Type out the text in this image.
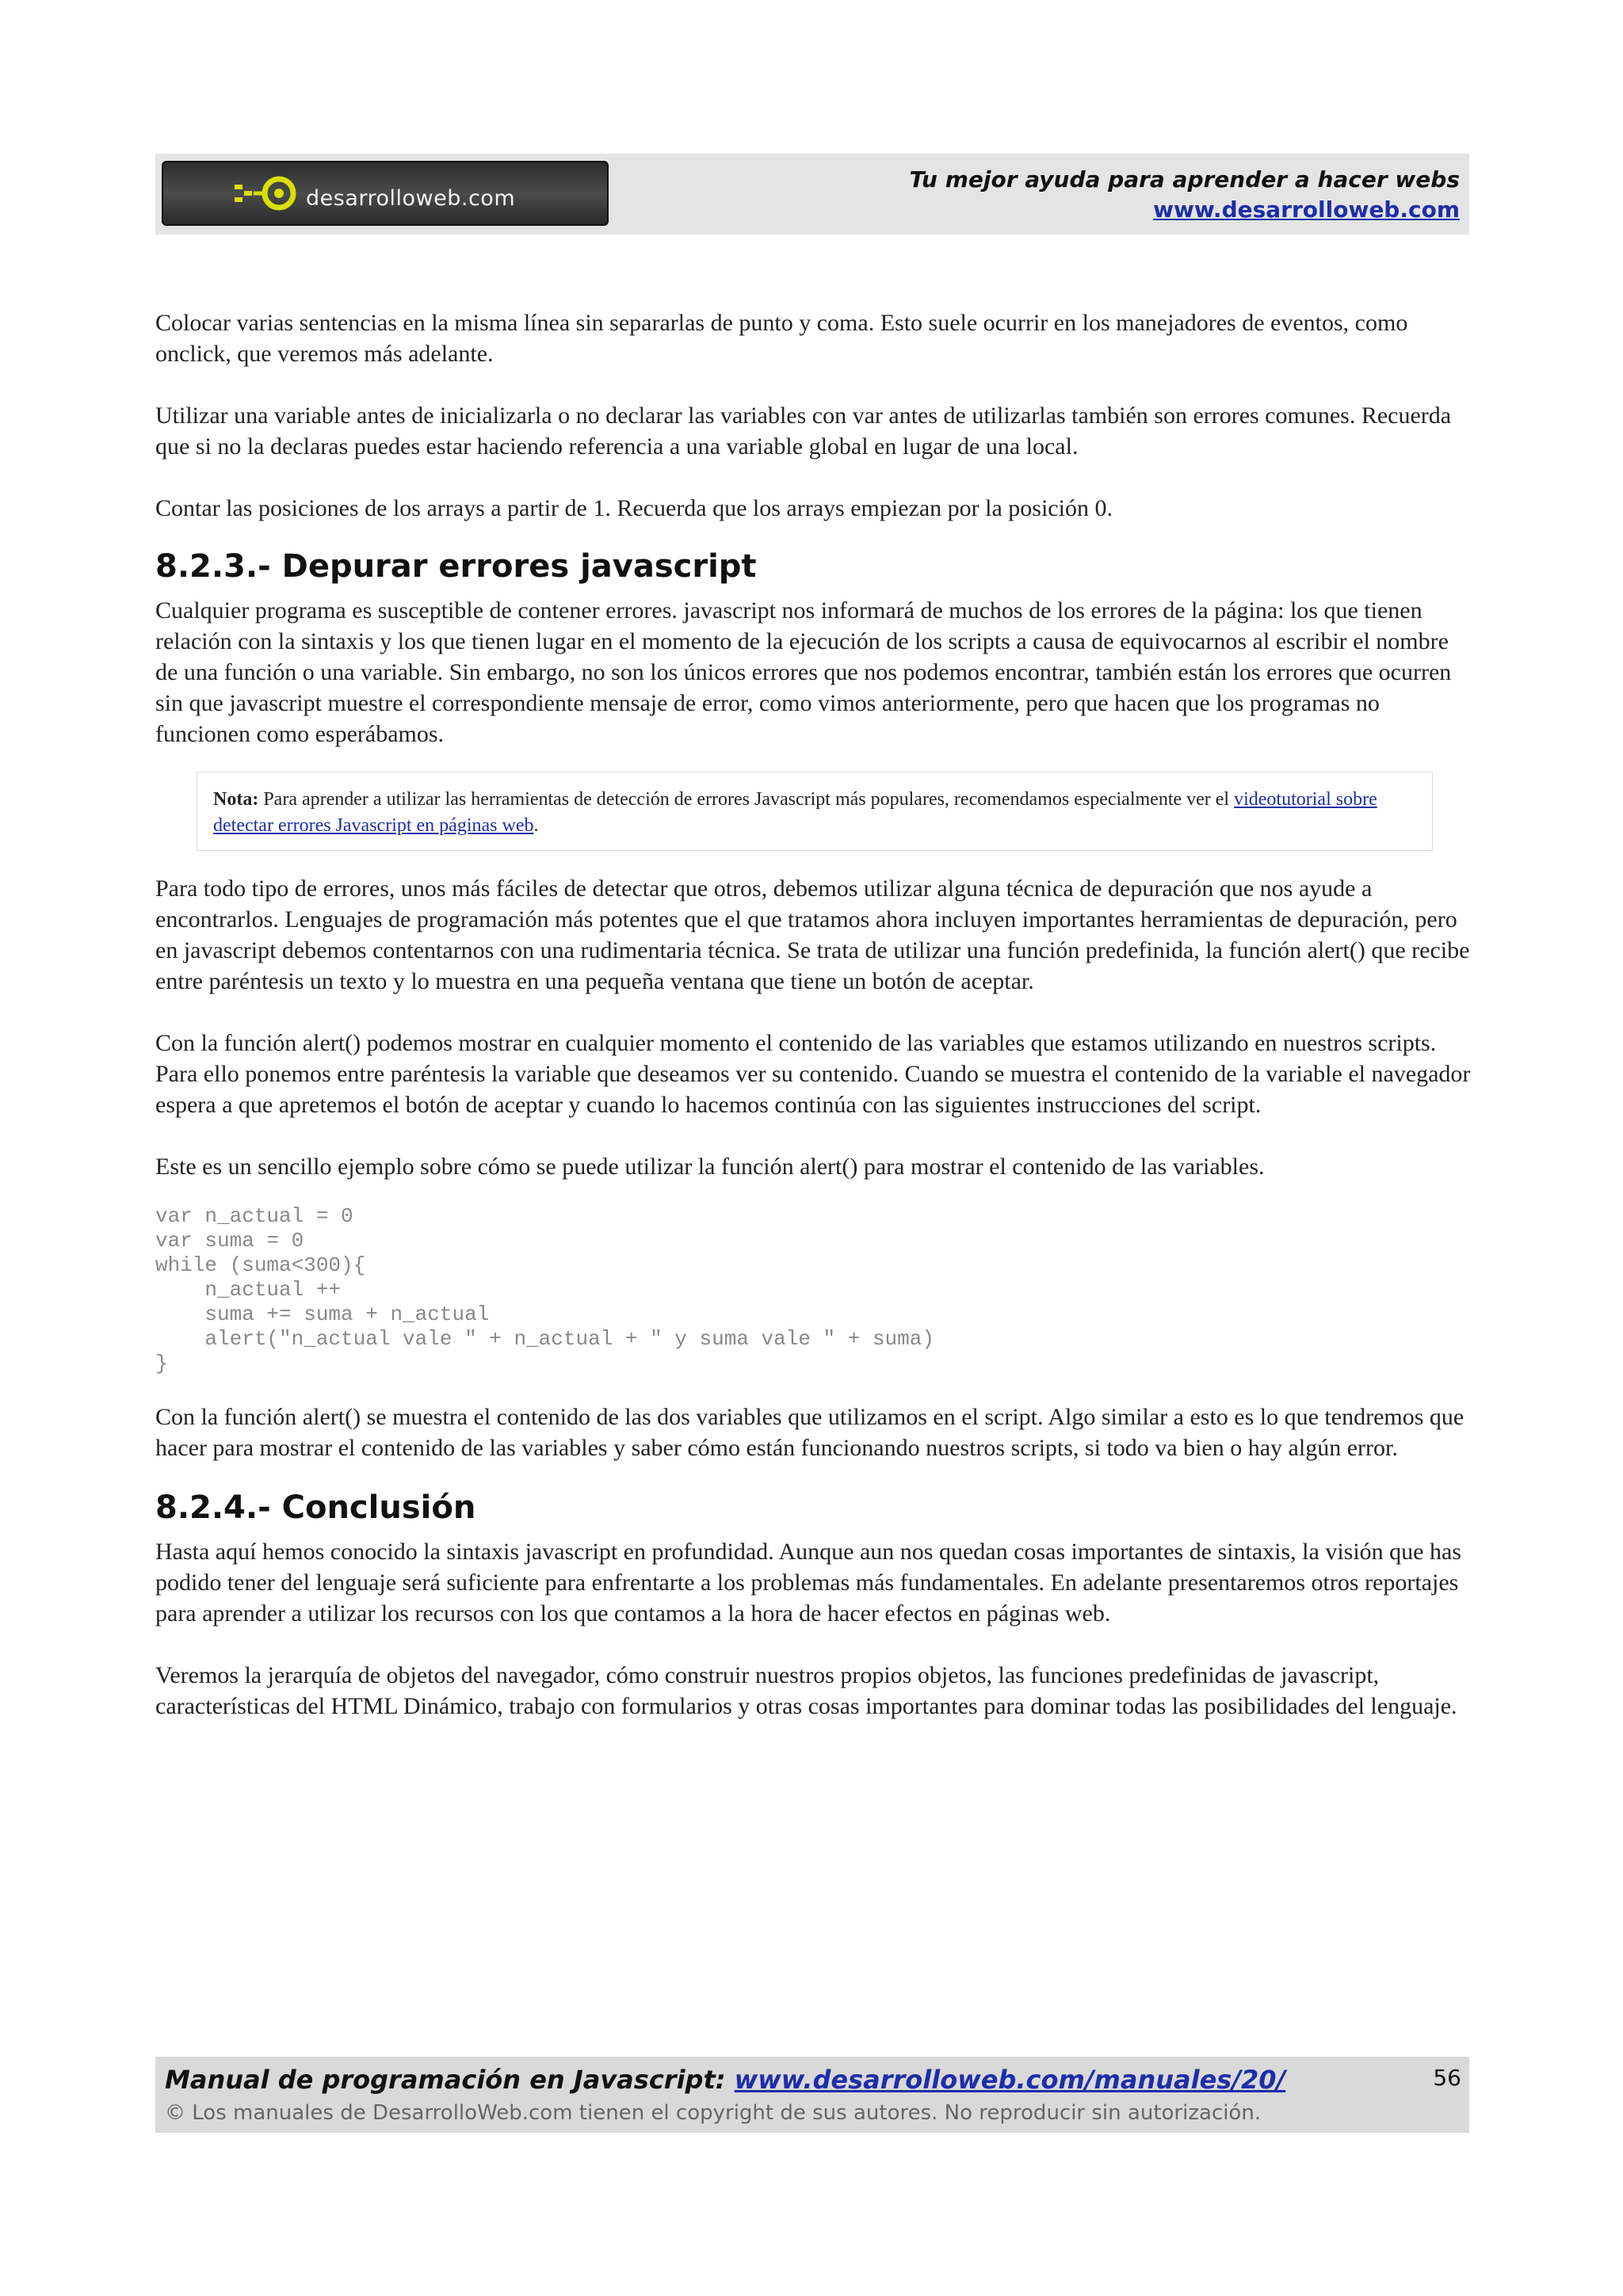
desarrolloweb.com
Tu mejor ayuda para aprender a hacer webs
www.desarrolloweb.com

Colocar varias sentencias en la misma línea sin separarlas de punto y coma. Esto suele ocurrir en los manejadores de eventos, como onclick, que veremos más adelante.

Utilizar una variable antes de inicializarla o no declarar las variables con var antes de utilizarlas también son errores comunes. Recuerda que si no la declaras puedes estar haciendo referencia a una variable global en lugar de una local.

Contar las posiciones de los arrays a partir de 1. Recuerda que los arrays empiezan por la posición 0.

8.2.3.- Depurar errores javascript

Cualquier programa es susceptible de contener errores. javascript nos informará de muchos de los errores de la página: los que tienen relación con la sintaxis y los que tienen lugar en el momento de la ejecución de los scripts a causa de equivocarnos al escribir el nombre de una función o una variable. Sin embargo, no son los únicos errores que nos podemos encontrar, también están los errores que ocurren sin que javascript muestre el correspondiente mensaje de error, como vimos anteriormente, pero que hacen que los programas no funcionen como esperábamos.

Nota: Para aprender a utilizar las herramientas de detección de errores Javascript más populares, recomendamos especialmente ver el videotutorial sobre detectar errores Javascript en páginas web.

Para todo tipo de errores, unos más fáciles de detectar que otros, debemos utilizar alguna técnica de depuración que nos ayude a encontrarlos. Lenguajes de programación más potentes que el que tratamos ahora incluyen importantes herramientas de depuración, pero en javascript debemos contentarnos con una rudimentaria técnica. Se trata de utilizar una función predefinida, la función alert() que recibe entre paréntesis un texto y lo muestra en una pequeña ventana que tiene un botón de aceptar.

Con la función alert() podemos mostrar en cualquier momento el contenido de las variables que estamos utilizando en nuestros scripts. Para ello ponemos entre paréntesis la variable que deseamos ver su contenido. Cuando se muestra el contenido de la variable el navegador espera a que apretemos el botón de aceptar y cuando lo hacemos continúa con las siguientes instrucciones del script.

Este es un sencillo ejemplo sobre cómo se puede utilizar la función alert() para mostrar el contenido de las variables.

var n_actual = 0
var suma = 0
while (suma<300){
n_actual ++
suma += suma + n_actual
alert("n_actual vale " + n_actual + " y suma vale " + suma)
}

Con la función alert() se muestra el contenido de las dos variables que utilizamos en el script. Algo similar a esto es lo que tendremos que hacer para mostrar el contenido de las variables y saber cómo están funcionando nuestros scripts, si todo va bien o hay algún error.

8.2.4.- Conclusión

Hasta aquí hemos conocido la sintaxis javascript en profundidad. Aunque aun nos quedan cosas importantes de sintaxis, la visión que has podido tener del lenguaje será suficiente para enfrentarte a los problemas más fundamentales. En adelante presentaremos otros reportajes para aprender a utilizar los recursos con los que contamos a la hora de hacer efectos en páginas web.

Veremos la jerarquía de objetos del navegador, cómo construir nuestros propios objetos, las funciones predefinidas de javascript, características del HTML Dinámico, trabajo con formularios y otras cosas importantes para dominar todas las posibilidades del lenguaje.

Manual de programación en Javascript: www.desarrolloweb.com/manuales/20/
© Los manuales de DesarrolloWeb.com tienen el copyright de sus autores. No reproducir sin autorización.
56
